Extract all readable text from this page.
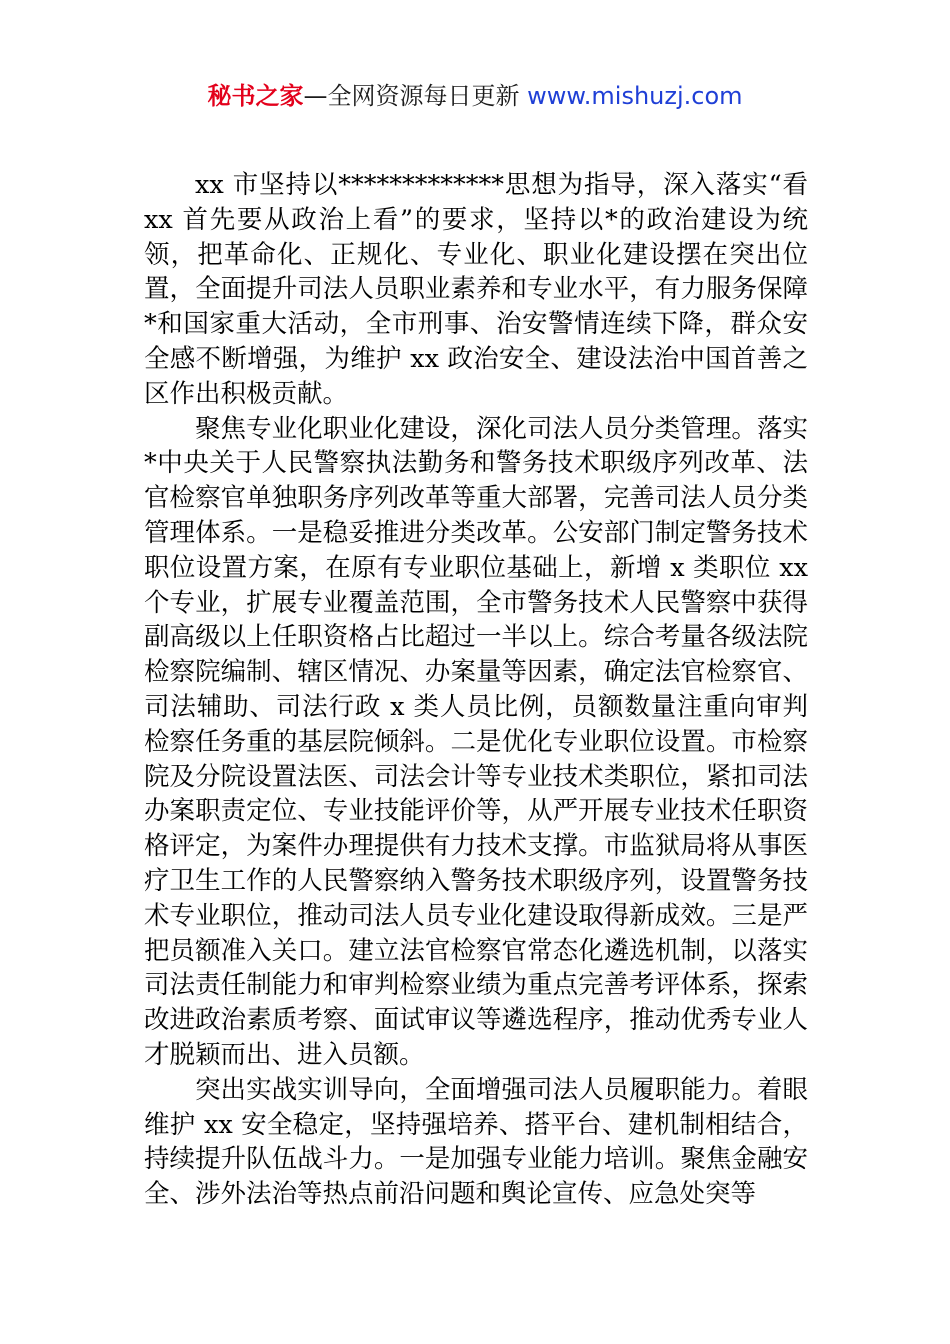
秘书之家—全网资源每日更新 www.mishuzj.com

xx 市坚持以*************思想为指导，深入落实“看 xx 首先要从政治上看”的要求，坚持以*的政治建设为统领，把革命化、正规化、专业化、职业化建设摆在突出位置，全面提升司法人员职业素养和专业水平，有力服务保障*和国家重大活动，全市刑事、治安警情连续下降，群众安全感不断增强，为维护 xx 政治安全、建设法治中国首善之区作出积极贡献。

聚焦专业化职业化建设，深化司法人员分类管理。落实*中央关于人民警察执法勤务和警务技术职级序列改革、法官检察官单独职务序列改革等重大部署，完善司法人员分类管理体系。一是稳妥推进分类改革。公安部门制定警务技术职位设置方案，在原有专业职位基础上，新增 x 类职位 xx 个专业，扩展专业覆盖范围，全市警务技术人民警察中获得副高级以上任职资格占比超过一半以上。综合考量各级法院检察院编制、辖区情况、办案量等因素，确定法官检察官、司法辅助、司法行政 x 类人员比例，员额数量注重向审判检察任务重的基层院倾斜。二是优化专业职位设置。市检察院及分院设置法医、司法会计等专业技术类职位，紧扣司法办案职责定位、专业技能评价等，从严开展专业技术任职资格评定，为案件办理提供有力技术支撑。市监狱局将从事医疗卫生工作的人民警察纳入警务技术职级序列，设置警务技术专业职位，推动司法人员专业化建设取得新成效。三是严把员额准入关口。建立法官检察官常态化遴选机制，以落实司法责任制能力和审判检察业绩为重点完善考评体系，探索改进政治素质考察、面试审议等遴选程序，推动优秀专业人才脱颖而出、进入员额。

突出实战实训导向，全面增强司法人员履职能力。着眼维护 xx 安全稳定，坚持强培养、搭平台、建机制相结合，持续提升队伍战斗力。一是加强专业能力培训。聚焦金融安全、涉外法治等热点前沿问题和舆论宣传、应急处突等
